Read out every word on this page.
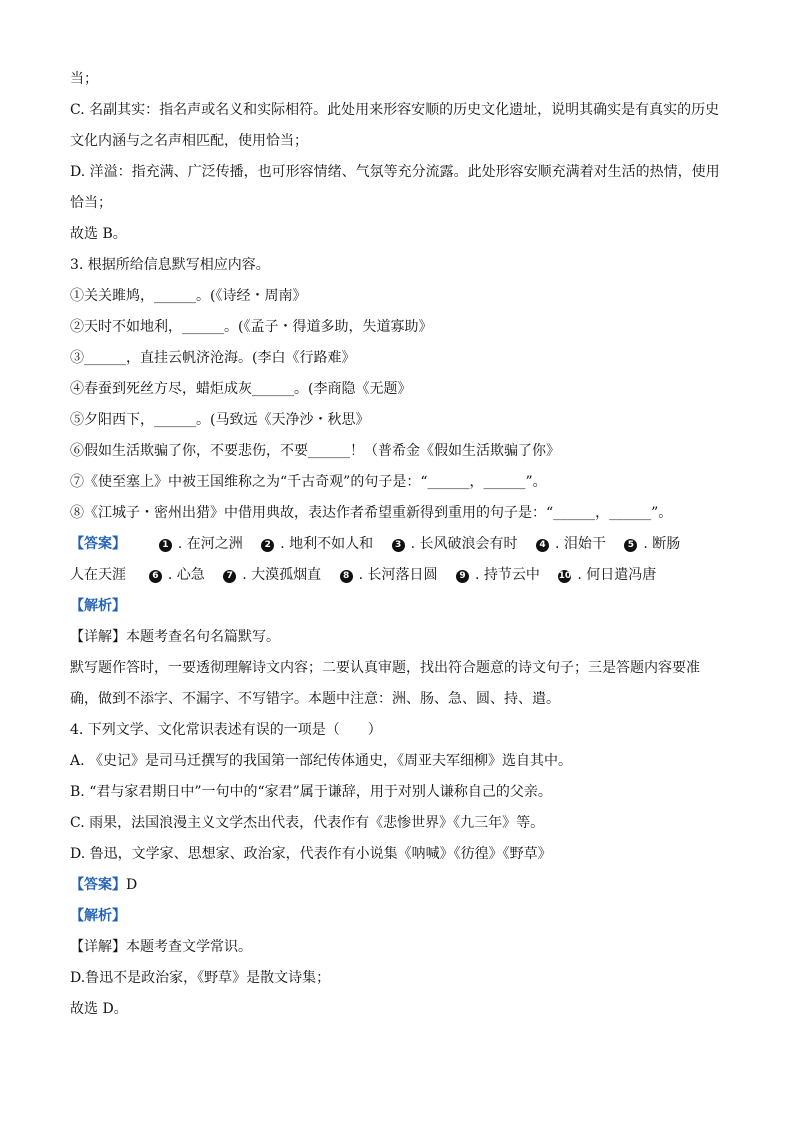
当；
C. 名副其实：指名声或名义和实际相符。此处用来形容安顺的历史文化遗址，说明其确实是有真实的历史
文化内涵与之名声相匹配，使用恰当；
D. 洋溢：指充满、广泛传播，也可形容情绪、气氛等充分流露。此处形容安顺充满着对生活的热情，使用
恰当；
故选 B。
3. 根据所给信息默写相应内容。
①关关雎鸠，______。(《诗经・周南》
②天时不如地利，______。(《孟子・得道多助，失道寡助》
③______，直挂云帆济沧海。(李白《行路难》
④春蚕到死丝方尽，蜡炬成灰______。(李商隐《无题》
⑤夕阳西下，______。(马致远《天净沙・秋思》
⑥假如生活欺骗了你，不要悲伤，不要______！（普希金《假如生活欺骗了你》
⑦《使至塞上》中被王国维称之为“千古奇观”的句子是：“______，______”。
⑧《江城子・密州出猎》中借用典故，表达作者希望重新得到重用的句子是：“______，______”。
【答案】	1 . 在河之洲 2 . 地利不如人和 3 . 长风破浪会有时 4 . 泪始干 5 . 断肠
人在天涯	6 . 心急 7 . 大漠孤烟直 8 . 长河落日圆 9 . 持节云中 10 . 何日遣冯唐
【解析】
【详解】本题考查名句名篇默写。
默写题作答时，一要透彻理解诗文内容；二要认真审题，找出符合题意的诗文句子；三是答题内容要准
确，做到不添字、不漏字、不写错字。本题中注意：洲、肠、急、圆、持、遣。
4. 下列文学、文化常识表述有误的一项是（　　）
A. 《史记》是司马迁撰写的我国第一部纪传体通史，《周亚夫军细柳》选自其中。
B. “君与家君期日中”一句中的“家君”属于谦辞，用于对别人谦称自己的父亲。
C. 雨果，法国浪漫主义文学杰出代表，代表作有《悲惨世界》《九三年》等。
D. 鲁迅，文学家、思想家、政治家，代表作有小说集《呐喊》《彷徨》《野草》
【答案】D
【解析】
【详解】本题考查文学常识。
D.鲁迅不是政治家，《野草》是散文诗集；
故选 D。
